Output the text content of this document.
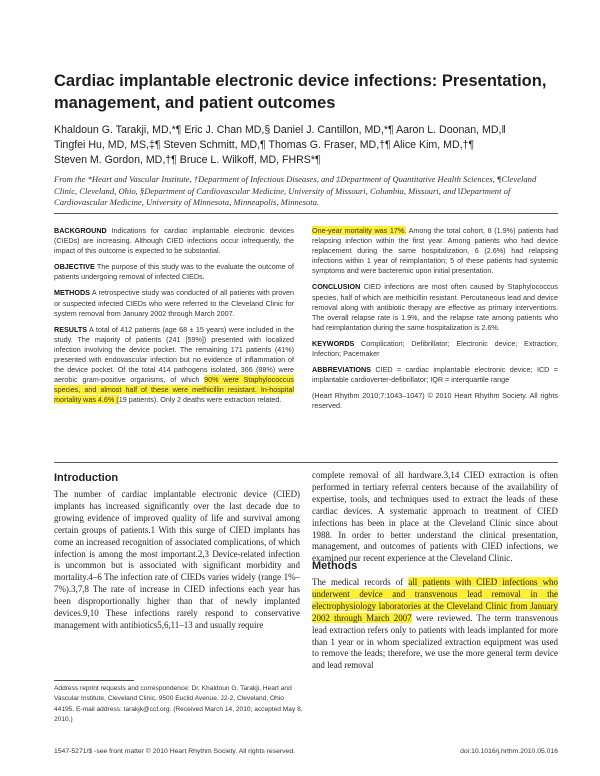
Cardiac implantable electronic device infections: Presentation, management, and patient outcomes
Khaldoun G. Tarakji, MD,*¶ Eric J. Chan MD,§ Daniel J. Cantillon, MD,*¶ Aaron L. Doonan, MD,‖
Tingfei Hu, MD, MS,‡¶ Steven Schmitt, MD,¶ Thomas G. Fraser, MD,†¶ Alice Kim, MD,†¶
Steven M. Gordon, MD,†¶ Bruce L. Wilkoff, MD, FHRS*¶
From the *Heart and Vascular Institute, †Department of Infectious Diseases, and ‡Department of Quantitative Health Sciences, ¶Cleveland Clinic, Cleveland, Ohio, §Department of Cardiovascular Medicine, University of Missouri, Columbia, Missouri, and ‖Department of Cardiovascular Medicine, University of Minnesota, Minneapolis, Minnesota.

BACKGROUND Indications for cardiac implantable electronic devices (CIEDs) are increasing. Although CIED infections occur infrequently, the impact of this outcome is expected to be substantial.

OBJECTIVE The purpose of this study was to the evaluate the outcome of patients undergoing removal of infected CIEDs.

METHODS A retrospective study was conducted of all patients with proven or suspected infected CIEDs who were referred to the Cleveland Clinic for system removal from January 2002 through March 2007.

RESULTS A total of 412 patients (age 68 ± 15 years) were included in the study. The majority of patients (241 [59%]) presented with localized infection involving the device pocket. The remaining 171 patients (41%) presented with endovascular infection but no evidence of inflammation of the device pocket. Of the total 414 pathogens isolated, 366 (88%) were aerobic gram-positive organisms, of which 90% were Staphylococcus species, and almost half of these were methicillin resistant. In-hospital mortality was 4.6% (19 patients). Only 2 deaths were extraction related.

One-year mortality was 17%. Among the total cohort, 8 (1.9%) patients had relapsing infection within the first year. Among patients who had device replacement during the same hospitalization, 6 (2.6%) had relapsing infections within 1 year of reimplantation; 5 of these patients had systemic symptoms and were bacteremic upon initial presentation.

CONCLUSION CIED infections are most often caused by Staphylococcus species, half of which are methicillin resistant. Percutaneous lead and device removal along with antibiotic therapy are effective as primary interventions. The overall relapse rate is 1.9%, and the relapse rate among patients who had reimplantation during the same hospitalization is 2.6%.

KEYWORDS Complication; Defibrillator; Electronic device; Extraction; Infection; Pacemaker

ABBREVIATIONS CIED = cardiac implantable electronic device; ICD = implantable cardioverter-defibrillator; IQR = interquartile range

(Heart Rhythm 2010;7:1043–1047) © 2010 Heart Rhythm Society. All rights reserved.

Introduction
The number of cardiac implantable electronic device (CIED) implants has increased significantly over the last decade due to growing evidence of improved quality of life and survival among certain groups of patients.1 With this surge of CIED implants has come an increased recognition of associated complications, of which infection is among the most important.2,3 Device-related infection is uncommon but is associated with significant morbidity and mortality.4–6 The infection rate of CIEDs varies widely (range 1%–7%).3,7,8 The rate of increase in CIED infections each year has been disproportionally higher than that of newly implanted devices.9,10 These infections rarely respond to conservative management with antibiotics5,6,11–13 and usually require
complete removal of all hardware.3,14 CIED extraction is often performed in tertiary referral centers because of the availability of expertise, tools, and techniques used to extract the leads of these cardiac devices. A systematic approach to treatment of CIED infections has been in place at the Cleveland Clinic since about 1988. In order to better understand the clinical presentation, management, and outcomes of patients with CIED infections, we examined our recent experience at the Cleveland Clinic.
Methods
The medical records of all patients with CIED infections who underwent device and transvenous lead removal in the electrophysiology laboratories at the Cleveland Clinic from January 2002 through March 2007 were reviewed. The term transvenous lead extraction refers only to patients with leads implanted for more than 1 year or in whom specialized extraction equipment was used to remove the leads; therefore, we use the more general term device and lead removal
Address reprint requests and correspondence: Dr. Khaldoun G. Tarakji, Heart and Vascular Institute, Cleveland Clinic, 9500 Euclid Avenue, J2-2, Cleveland, Ohio 44195. E-mail address: tarakjk@ccf.org. (Received March 14, 2010; accepted May 8, 2010.)
1547-5271/$ -see front matter © 2010 Heart Rhythm Society. All rights reserved.	doi:10.1016/j.hrthm.2010.05.016
